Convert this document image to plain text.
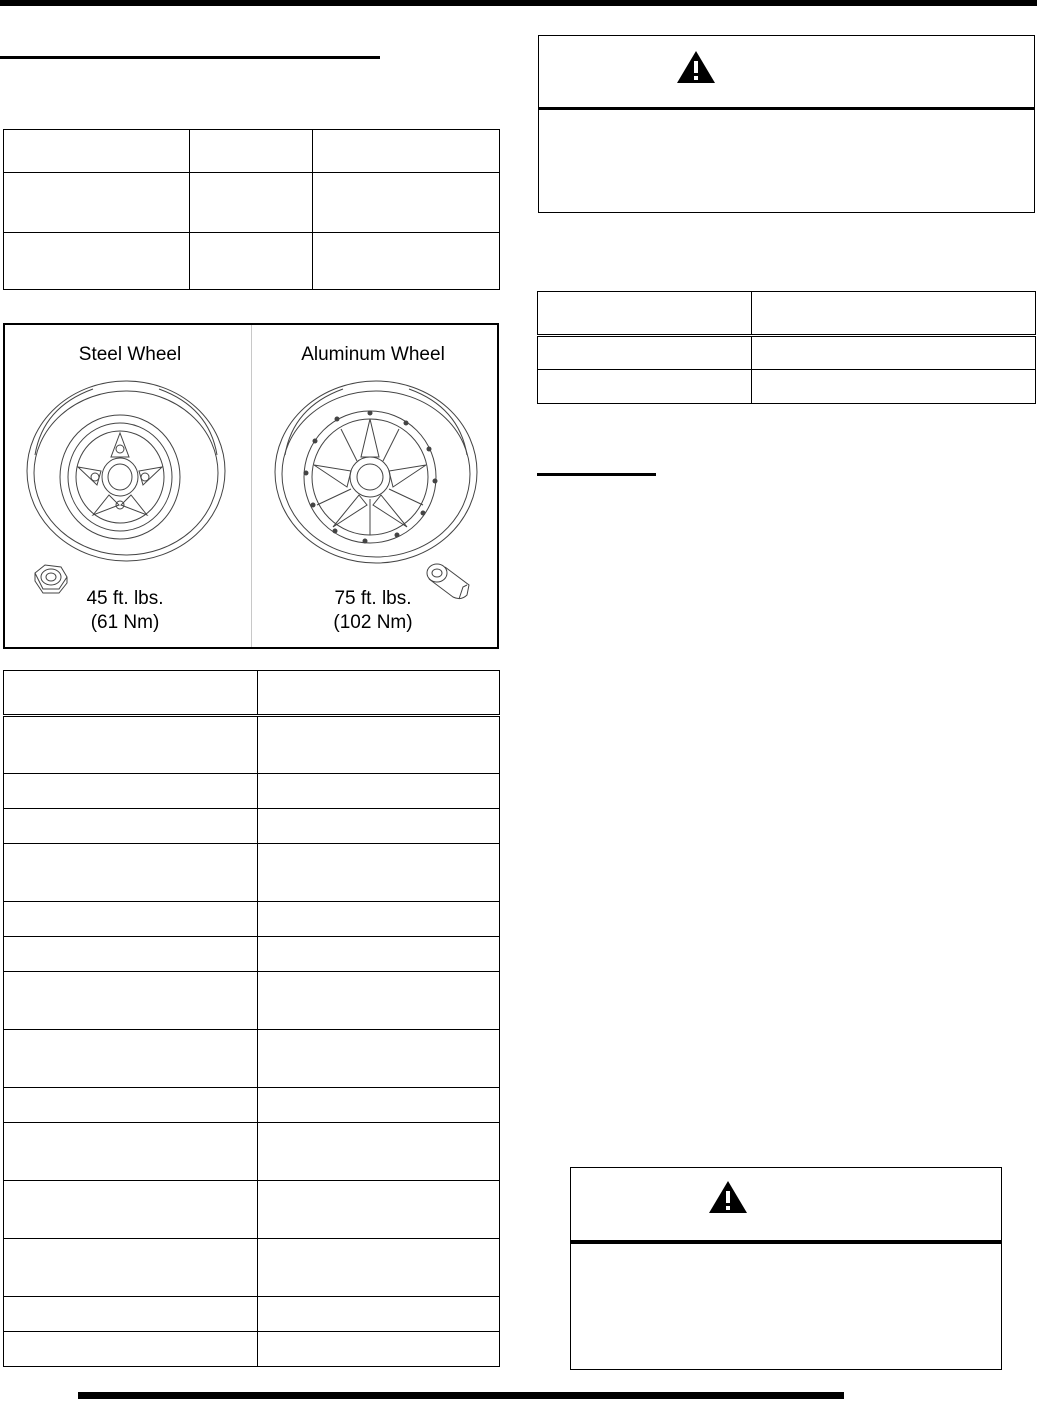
Steel Wheel	Aluminum Wheel
45 ft. lbs.
(61 Nm)
75 ft. lbs.
(102 Nm)
